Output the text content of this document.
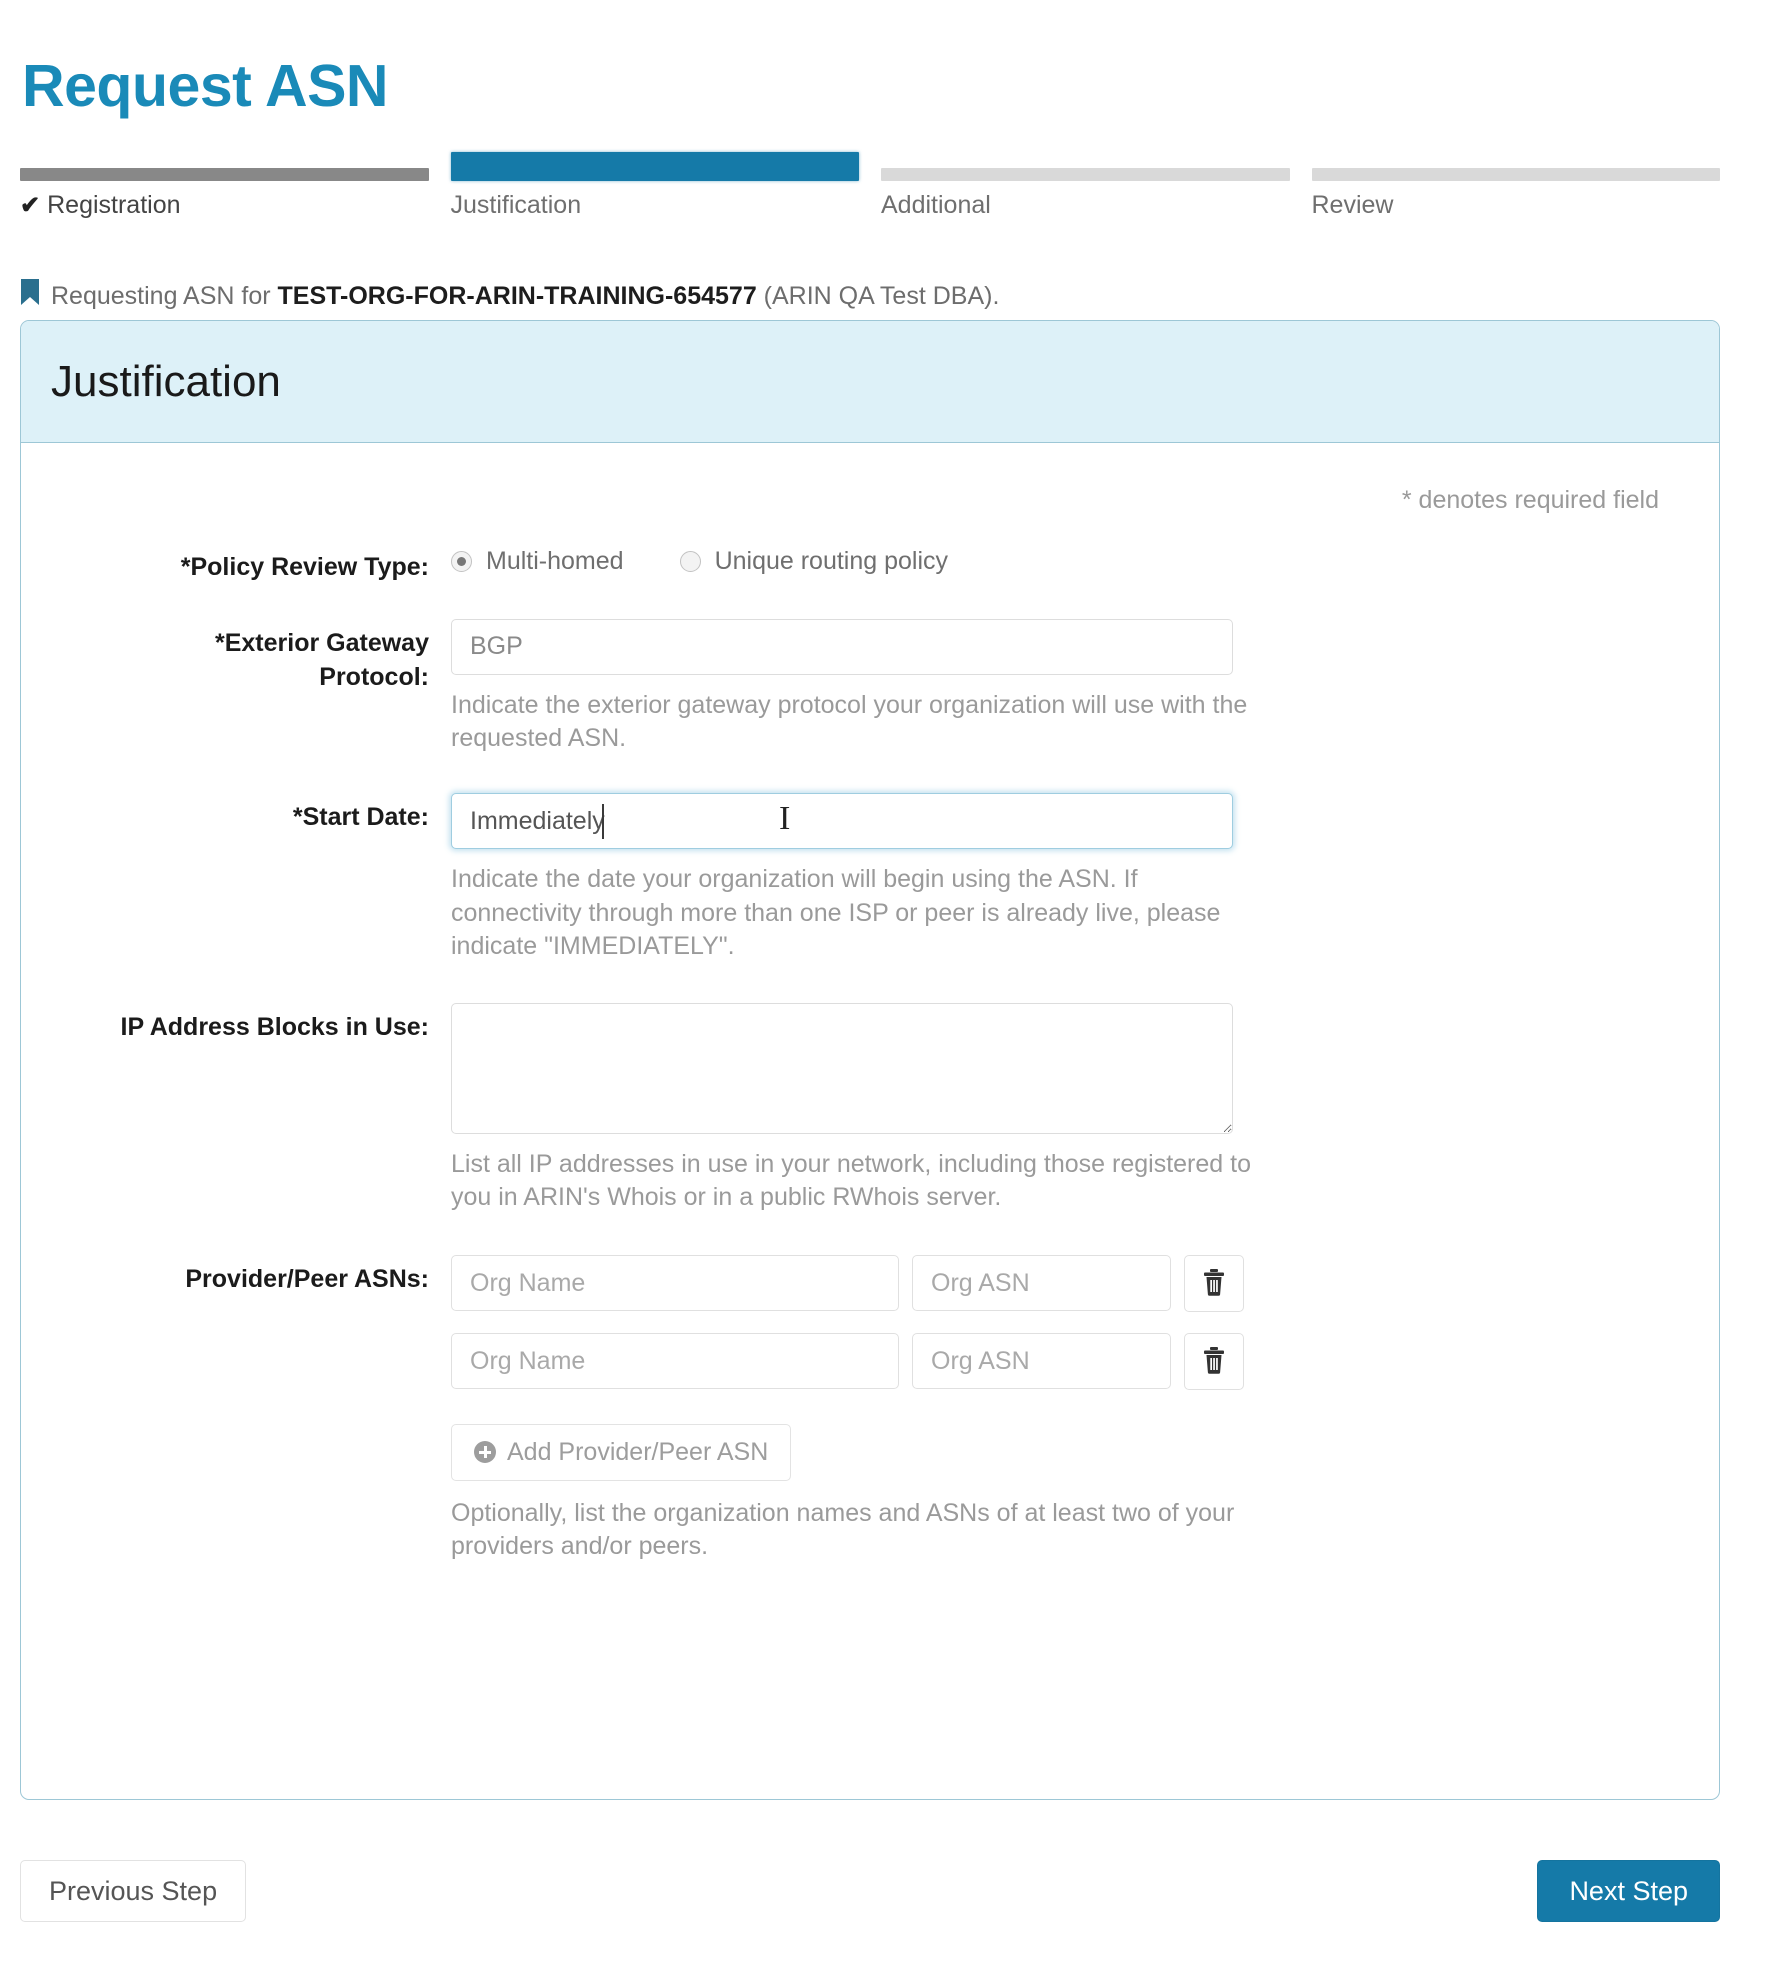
Request ASN
✔ Registration	Justification	Additional	Review
Requesting ASN for TEST-ORG-FOR-ARIN-TRAINING-654577 (ARIN QA Test DBA).
Justification
* denotes required field
*Policy Review Type:	Multi-homed	Unique routing policy
*Exterior Gateway
Protocol:
BGP
Indicate the exterior gateway protocol your organization will use with the requested ASN.
*Start Date:
Immediately	I
Indicate the date your organization will begin using the ASN. If connectivity through more than one ISP or peer is already live, please indicate "IMMEDIATELY".
IP Address Blocks in Use:
List all IP addresses in use in your network, including those registered to you in ARIN's Whois or in a public RWhois server.
Provider/Peer ASNs:
Org Name
Org ASN
Org Name
Org ASN
Add Provider/Peer ASN
Optionally, list the organization names and ASNs of at least two of your providers and/or peers.
Previous Step	Next Step
